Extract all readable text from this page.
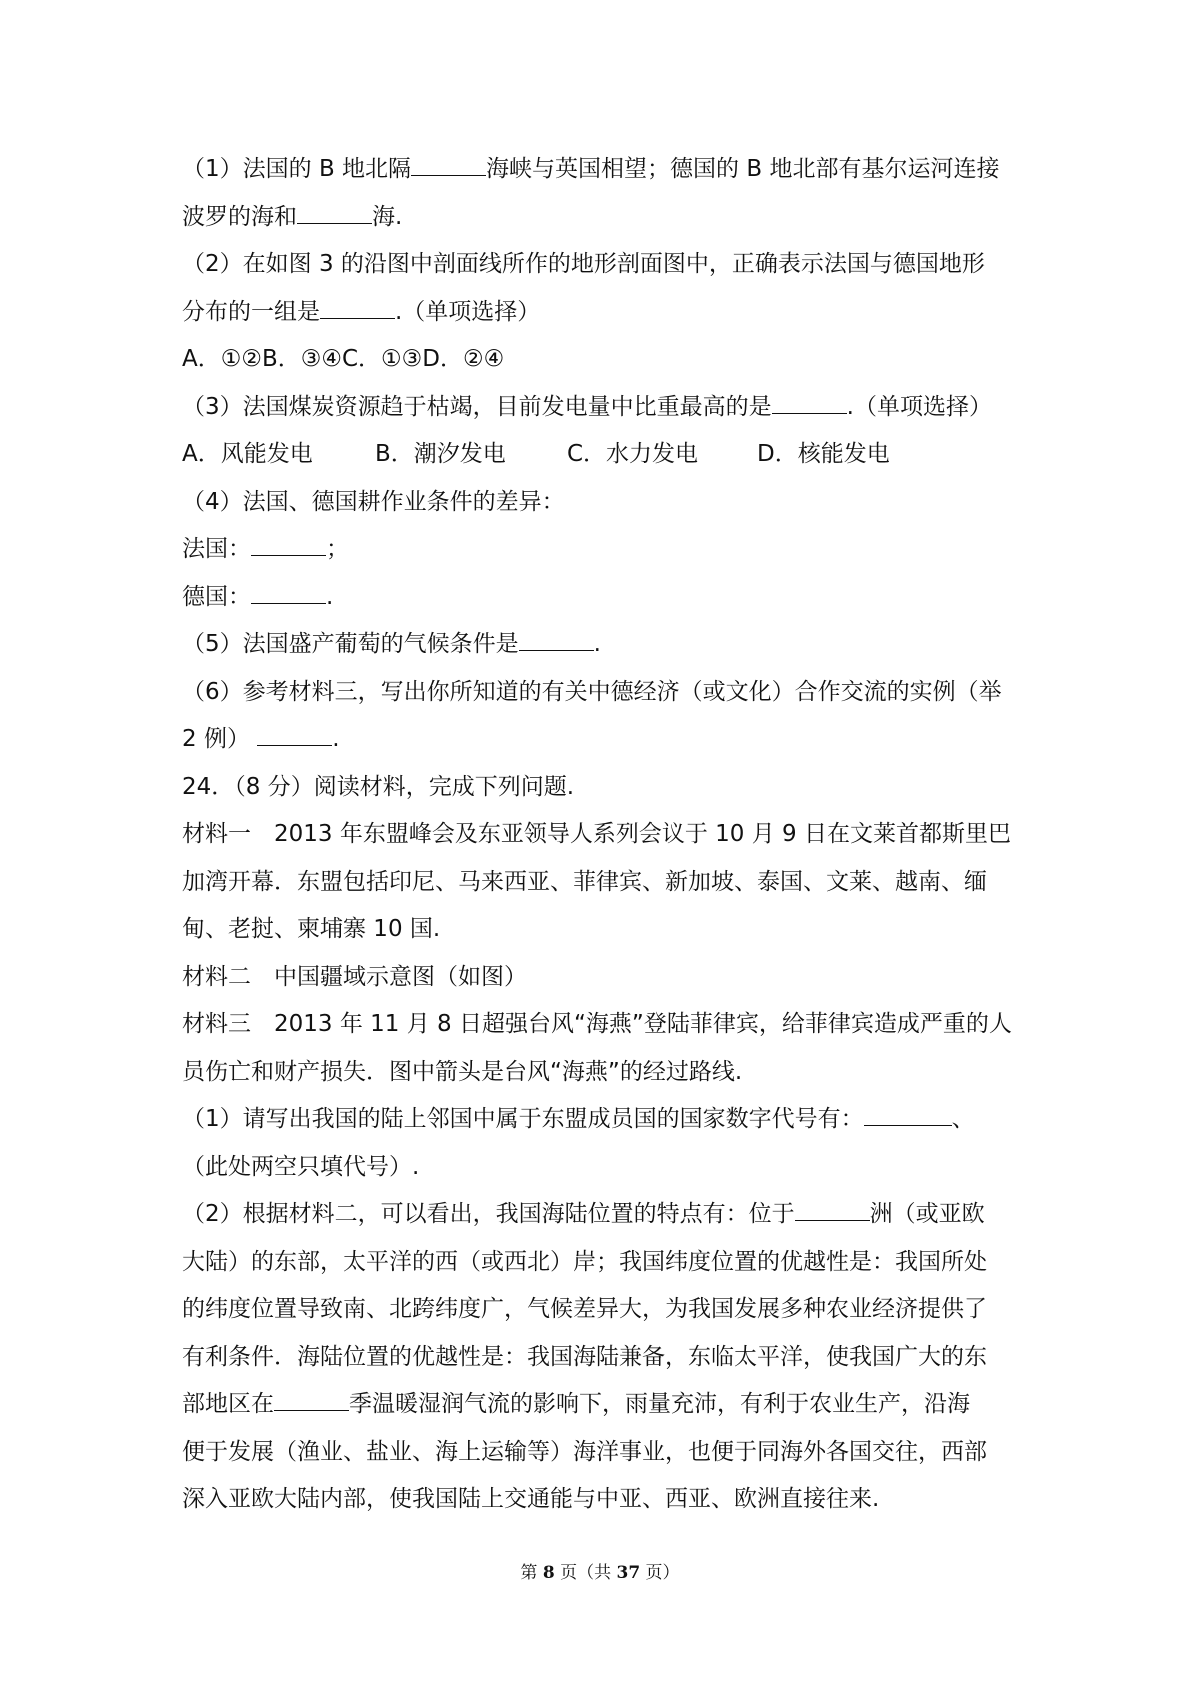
（1）法国的 B 地北隔	海峡与英国相望；德国的 B 地北部有基尔运河连接
波罗的海和	海.
（2）在如图 3 的沿图中剖面线所作的地形剖面图中，正确表示法国与德国地形
分布的一组是	.（单项选择）
A．①②B．③④C．①③D．②④
（3）法国煤炭资源趋于枯竭，目前发电量中比重最高的是	.（单项选择）
A．风能发电	B．潮汐发电	C．水力发电	D．核能发电
（4）法国、德国耕作业条件的差异：
法国：	；
德国：	.
（5）法国盛产葡萄的气候条件是	.
（6）参考材料三，写出你所知道的有关中德经济（或文化）合作交流的实例（举
2 例）	.
24．（8 分）阅读材料，完成下列问题.
材料一　2013 年东盟峰会及东亚领导人系列会议于 10 月 9 日在文莱首都斯里巴
加湾开幕．东盟包括印尼、马来西亚、菲律宾、新加坡、泰国、文莱、越南、缅
甸、老挝、柬埔寨 10 国.
材料二　中国疆域示意图（如图）
材料三　2013 年 11 月 8 日超强台风“海燕”登陆菲律宾，给菲律宾造成严重的人
员伤亡和财产损失．图中箭头是台风“海燕”的经过路线.
（1）请写出我国的陆上邻国中属于东盟成员国的国家数字代号有：	、
（此处两空只填代号）.
（2）根据材料二，可以看出，我国海陆位置的特点有：位于	洲（或亚欧
大陆）的东部，太平洋的西（或西北）岸；我国纬度位置的优越性是：我国所处
的纬度位置导致南、北跨纬度广，气候差异大，为我国发展多种农业经济提供了
有利条件．海陆位置的优越性是：我国海陆兼备，东临太平洋，使我国广大的东
部地区在	季温暖湿润气流的影响下，雨量充沛，有利于农业生产，沿海
便于发展（渔业、盐业、海上运输等）海洋事业，也便于同海外各国交往，西部
深入亚欧大陆内部，使我国陆上交通能与中亚、西亚、欧洲直接往来.
第 8 页（共 37 页）
